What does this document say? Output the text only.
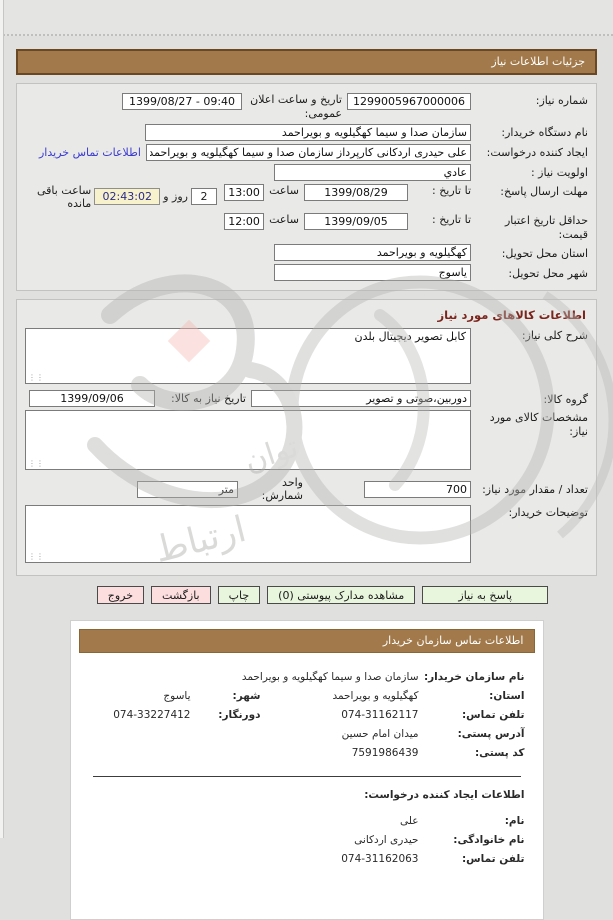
جزئیات اطلاعات نیاز
شماره نیاز:
1299005967000006
تاریخ و ساعت اعلان عمومی:
1399/08/27 - 09:40
نام دستگاه خریدار:
سازمان صدا و سیما کهگیلویه و بویراحمد
ایجاد کننده درخواست:
علی حیدری اردکانی کارپرداز سازمان صدا و سیما کهگیلویه و بویراحمد
اطلاعات تماس خریدار
اولویت نیاز :
عادي
مهلت ارسال پاسخ:
تا تاریخ :
1399/08/29
ساعت
13:00
2
روز و
02:43:02
ساعت باقی مانده
حداقل تاریخ اعتبار قیمت:
تا تاریخ :
1399/09/05
ساعت
12:00
استان محل تحویل:
کهگیلویه و بویراحمد
شهر محل تحویل:
یاسوج
اطلاعات کالاهای مورد نیاز
شرح کلی نیاز:
کابل تصویر دیجیتال بلدن
⋮⋮
گروه کالا:
دوربین،صوتی و تصویر
تاریخ نیاز به کالا:
1399/09/06
مشخصات کالای مورد نیاز:
⋮⋮
تعداد / مقدار مورد نیاز:
700
واحد شمارش:
متر
توضیحات خریدار:
⋮⋮
پاسخ به نیاز
مشاهده مدارک پیوستی (0)
چاپ
بازگشت
خروج
اطلاعات تماس سازمان خریدار
نام سازمان خریدار:
سازمان صدا و سیما کهگیلویه و بویراحمد
استان:
کهگیلویه و بویراحمد
شهر:
یاسوج
تلفن تماس:
074-31162117
دورنگار:
074-33227412
آدرس پستی:
میدان امام حسین
کد پستی:
7591986439
اطلاعات ایجاد کننده درخواست:
نام:
علی
نام خانوادگی:
حیدری اردکانی
تلفن تماس:
074-31162063
توان
ارتباط
